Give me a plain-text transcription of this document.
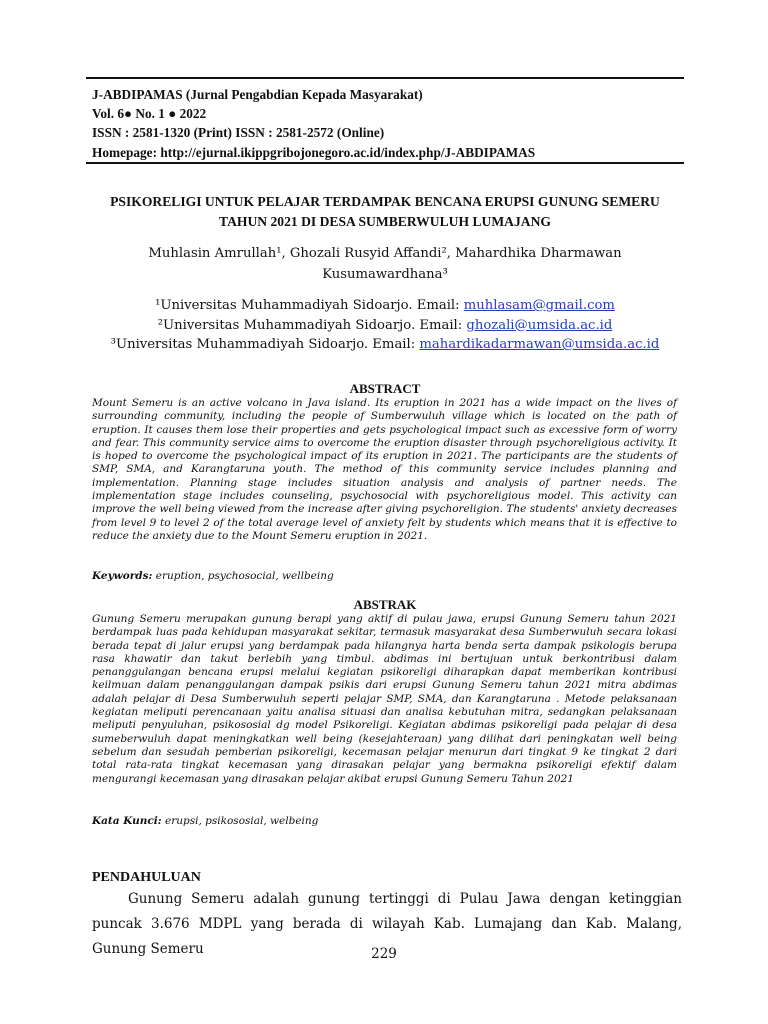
J-ABDIPAMAS (Jurnal Pengabdian Kepada Masyarakat)
Vol. 6● No. 1 ● 2022
ISSN : 2581-1320 (Print) ISSN : 2581-2572 (Online)
Homepage: http://ejurnal.ikippgribojonegoro.ac.id/index.php/J-ABDIPAMAS
PSIKORELIGI UNTUK PELAJAR TERDAMPAK BENCANA ERUPSI GUNUNG SEMERU
TAHUN 2021 DI DESA SUMBERWULUH LUMAJANG
Muhlasin Amrullah¹, Ghozali Rusyid Affandi², Mahardhika Dharmawan
Kusumawardhana³
¹Universitas Muhammadiyah Sidoarjo. Email: muhlasam@gmail.com
²Universitas Muhammadiyah Sidoarjo. Email: ghozali@umsida.ac.id
³Universitas Muhammadiyah Sidoarjo. Email: mahardikadarmawan@umsida.ac.id
ABSTRACT
Mount Semeru is an active volcano in Java island. Its eruption in 2021 has a wide impact on the lives of surrounding community, including the people of Sumberwuluh village which is located on the path of eruption. It causes them lose their properties and gets psychological impact such as excessive form of worry and fear. This community service aims to overcome the eruption disaster through psychoreligious activity. It is hoped to overcome the psychological impact of its eruption in 2021. The participants are the students of SMP, SMA, and Karangtaruna youth. The method of this community service includes planning and implementation. Planning stage includes situation analysis and analysis of partner needs. The implementation stage includes counseling, psychosocial with psychoreligious model. This activity can improve the well being viewed from the increase after giving psychoreligion. The students' anxiety decreases from level 9 to level 2 of the total average level of anxiety felt by students which means that it is effective to reduce the anxiety due to the Mount Semeru eruption in 2021.
Keywords: eruption, psychosocial, wellbeing
ABSTRAK
Gunung Semeru merupakan gunung berapi yang aktif di pulau jawa, erupsi Gunung Semeru tahun 2021 berdampak luas pada kehidupan masyarakat sekitar, termasuk masyarakat desa Sumberwuluh secara lokasi berada tepat di jalur erupsi yang berdampak pada hilangnya harta benda serta dampak psikologis berupa rasa khawatir dan takut berlebih yang timbul. abdimas ini bertujuan untuk berkontribusi dalam penanggulangan bencana erupsi melalui kegiatan psikoreligi diharapkan dapat memberikan kontribusi keilmuan dalam penanggulangan dampak psikis dari erupsi Gunung Semeru tahun 2021 mitra abdimas adalah pelajar di Desa Sumberwuluh seperti pelajar SMP, SMA, dan Karangtaruna . Metode pelaksanaan kegiatan meliputi perencanaan yaitu analisa situasi dan analisa kebutuhan mitra, sedangkan pelaksanaan meliputi penyuluhan, psikososial dg model Psikoreligi. Kegiatan abdimas psikoreligi pada pelajar di desa sumeberwuluh dapat meningkatkan well being (kesejahteraan) yang dilihat dari peningkatan well being sebelum dan sesudah pemberian psikoreligi, kecemasan pelajar menurun dari tingkat 9 ke tingkat 2 dari total rata-rata tingkat kecemasan yang dirasakan pelajar yang bermakna psikoreligi efektif dalam mengurangi kecemasan yang dirasakan pelajar akibat erupsi Gunung Semeru Tahun 2021
Kata Kunci: erupsi, psikososial, welbeing
PENDAHULUAN
Gunung Semeru adalah gunung tertinggi di Pulau Jawa dengan ketinggian puncak 3.676 MDPL yang berada di wilayah Kab. Lumajang dan Kab. Malang, Gunung Semeru	229
